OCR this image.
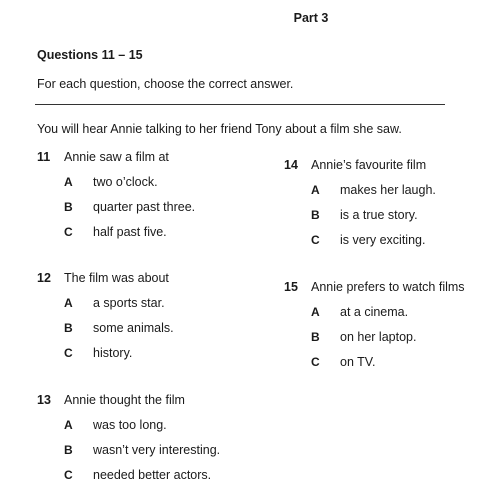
Part 3
Questions 11 – 15
For each question, choose the correct answer.
You will hear Annie talking to her friend Tony about a film she saw.
11 Annie saw a film at
A two o’clock.
B quarter past three.
C half past five.
12 The film was about
A a sports star.
B some animals.
C history.
13 Annie thought the film
A was too long.
B wasn’t very interesting.
C needed better actors.
14 Annie’s favourite film
A makes her laugh.
B is a true story.
C is very exciting.
15 Annie prefers to watch films
A at a cinema.
B on her laptop.
C on TV.
